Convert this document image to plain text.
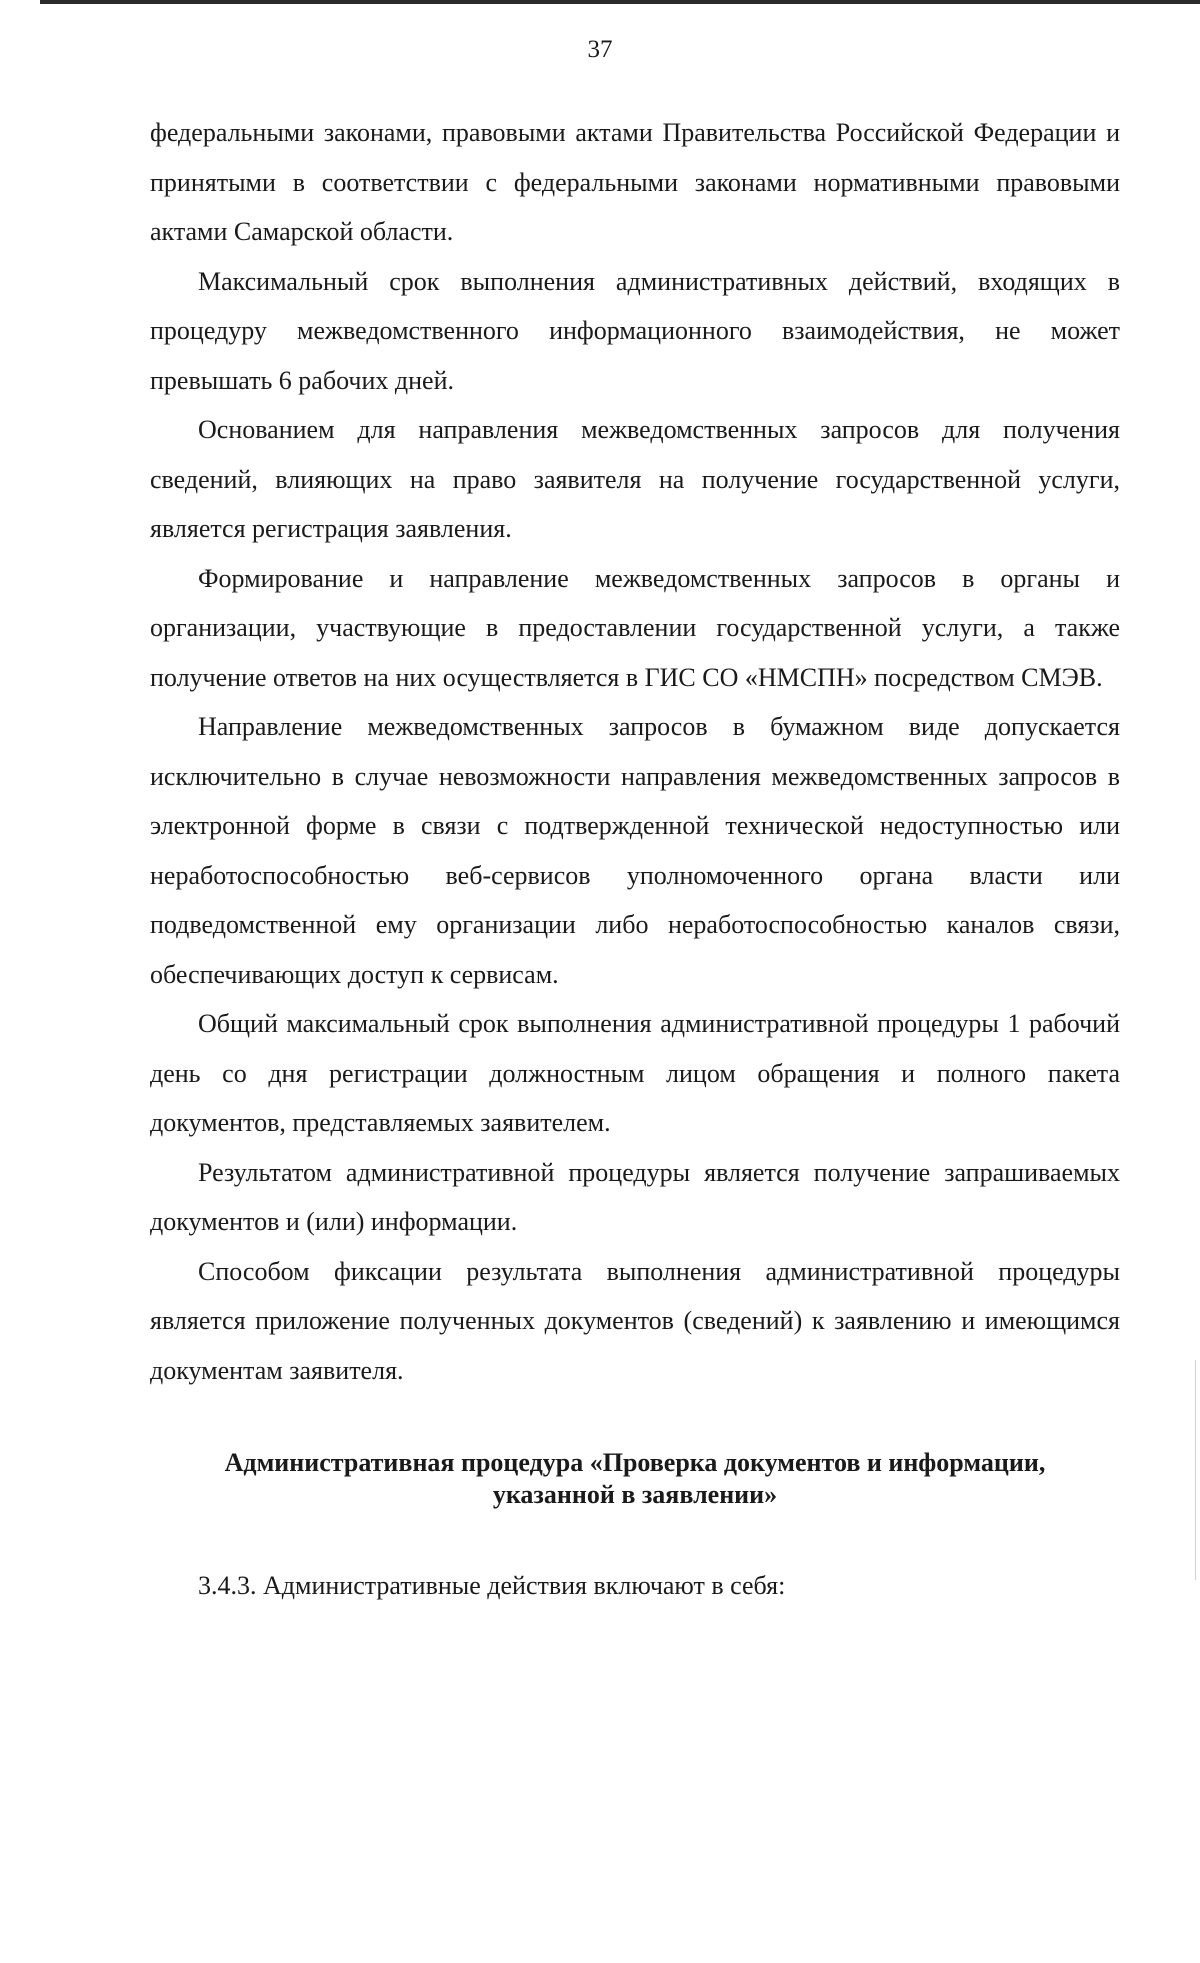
37

федеральными законами, правовыми актами Правительства Российской Федерации и принятыми в соответствии с федеральными законами нормативными правовыми актами Самарской области.

Максимальный срок выполнения административных действий, входящих в процедуру межведомственного информационного взаимодействия, не может превышать 6 рабочих дней.

Основанием для направления межведомственных запросов для получения сведений, влияющих на право заявителя на получение государственной услуги, является регистрация заявления.

Формирование и направление межведомственных запросов в органы и организации, участвующие в предоставлении государственной услуги, а также получение ответов на них осуществляется в ГИС СО «НМСПН» посредством СМЭВ.

Направление межведомственных запросов в бумажном виде допускается исключительно в случае невозможности направления межведомственных запросов в электронной форме в связи с подтвержденной технической недоступностью или неработоспособностью веб-сервисов уполномоченного органа власти или подведомственной ему организации либо неработоспособностью каналов связи, обеспечивающих доступ к сервисам.

Общий максимальный срок выполнения административной процедуры 1 рабочий день со дня регистрации должностным лицом обращения и полного пакета документов, представляемых заявителем.

Результатом административной процедуры является получение запрашиваемых документов и (или) информации.

Способом фиксации результата выполнения административной процедуры является приложение полученных документов (сведений) к заявлению и имеющимся документам заявителя.

Административная процедура «Проверка документов и информации,
указанной в заявлении»

3.4.3. Административные действия включают в себя:
